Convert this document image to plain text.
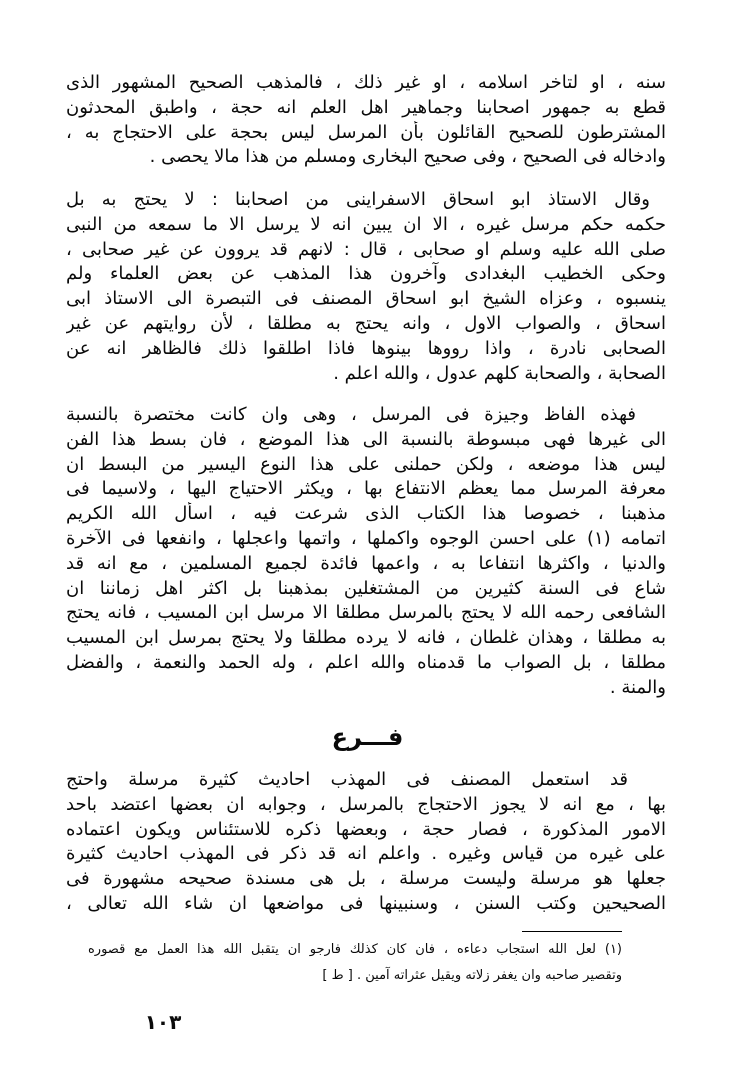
سنه ، او لتاخر اسلامه ، او غير ذلك ، فالمذهب الصحيح المشهور الذى
قطع به جمهور اصحابنا وجماهير اهل العلم انه حجة ، واطبق المحدثون
المشترطون للصحيح القائلون بأن المرسل ليس بحجة على الاحتجاج به ،
وادخاله فى الصحيح ، وفى صحيح البخارى ومسلم من هذا مالا يحصى .
وقال الاستاذ ابو اسحاق الاسفراينى من اصحابنا : لا يحتج به بل
حكمه حكم مرسل غيره ، الا ان يبين انه لا يرسل الا ما سمعه من النبى
صلى الله عليه وسلم او صحابى ، قال : لانهم قد يروون عن غير صحابى ،
وحكى الخطيب البغدادى وآخرون هذا المذهب عن بعض العلماء ولم
ينسبوه ، وعزاه الشيخ ابو اسحاق المصنف فى التبصرة الى الاستاذ ابى
اسحاق ، والصواب الاول ، وانه يحتج به مطلقا ، لأن روايتهم عن غير
الصحابى نادرة ، واذا رووها بينوها فاذا اطلقوا ذلك فالظاهر انه عن
الصحابة ، والصحابة كلهم عدول ، والله اعلم .
فهذه الفاظ وجيزة فى المرسل ، وهى وان كانت مختصرة بالنسبة
الى غيرها فهى مبسوطة بالنسبة الى هذا الموضع ، فان بسط هذا الفن
ليس هذا موضعه ، ولكن حملنى على هذا النوع اليسير من البسط ان
معرفة المرسل مما يعظم الانتفاع بها ، ويكثر الاحتياج اليها ، ولاسيما فى
مذهبنا ، خصوصا هذا الكتاب الذى شرعت فيه ، اسأل الله الكريم
اتمامه (١) على احسن الوجوه واكملها ، واتمها واعجلها ، وانفعها فى الآخرة
والدنيا ، واكثرها انتفاعا به ، واعمها فائدة لجميع المسلمين ، مع انه قد
شاع فى السنة كثيرين من المشتغلين بمذهبنا بل اكثر اهل زماننا ان
الشافعى رحمه الله لا يحتج بالمرسل مطلقا الا مرسل ابن المسيب ، فانه يحتج
به مطلقا ، وهذان غلطان ، فانه لا يرده مطلقا ولا يحتج بمرسل ابن المسيب
مطلقا ، بل الصواب ما قدمناه والله اعلم ، وله الحمد والنعمة ، والفضل
والمنة .
فـــرع
قد استعمل المصنف فى المهذب احاديث كثيرة مرسلة واحتج
بها ، مع انه لا يجوز الاحتجاج بالمرسل ، وجوابه ان بعضها اعتضد باحد
الامور المذكورة ، فصار حجة ، وبعضها ذكره للاستئناس ويكون اعتماده
على غيره من قياس وغيره . واعلم انه قد ذكر فى المهذب احاديث كثيرة
جعلها هو مرسلة وليست مرسلة ، بل هى مسندة صحيحه مشهورة فى
الصحيحين وكتب السنن ، وسنبينها فى مواضعها ان شاء الله تعالى ،
(١) لعل الله استجاب دعاءه ، فان كان كذلك فارجو ان يتقبل الله هذا العمل مع قصوره
وتقصير صاحبه وان يغفر زلاته ويقيل عثراته آمين . [ ط ]
١٠٣
